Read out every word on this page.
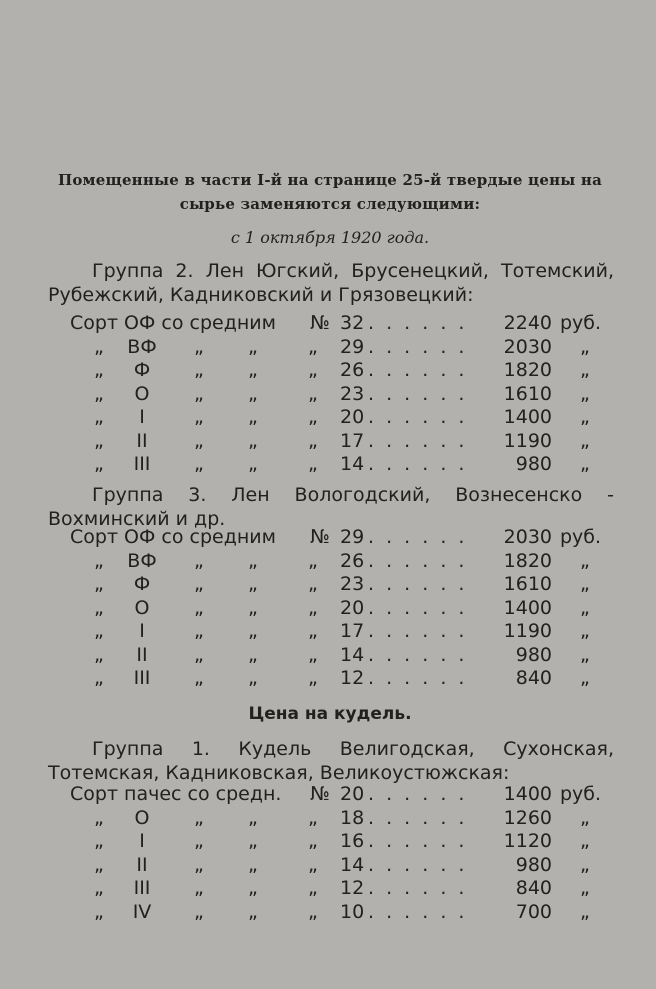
Помещенные в части I-й на странице 25-й твердые цены на
сырье заменяются следующими:
с 1 октября 1920 года.
Группа 2. Лен Югский, Брусенецкий, Тотемский, Рубежский, Кадниковский и Грязовецкий:
Сорт ОФ со средним № 32 . . . . . .	2240 руб.
„	ВФ	„ „	„ 29 . . . . . .	2030 „
„	Ф	„ „	„ 26 . . . . . .	1820 „
„	О	„ „	„ 23 . . . . . .	1610 „
„	I	„ „	„ 20 . . . . . .	1400 „
„	II	„ „	„ 17 . . . . . .	1190 „
„	III	„ „	„ 14 . . . . . .	980 „
Группа 3. Лен Вологодский, Вознесенско - Вохминский и др.
Сорт ОФ со средним № 29 . . . . . .	2030 руб.
„	ВФ	„ „	„ 26 . . . . . .	1820 „
„	Ф	„ „	„ 23 . . . . . .	1610 „
„	О	„ „	„ 20 . . . . . .	1400 „
„	I	„ „	„ 17 . . . . . .	1190 „
„	II	„ „	„ 14 . . . . . .	980 „
„	III	„ „	„ 12 . . . . . .	840 „
Цена на кудель.
Группа 1. Кудель Велигодская, Сухонская, Тотемская, Кадниковская, Великоустюжская:
Сорт пачес со средн. № 20 . . . . . .	1400 руб.
„	О	„ „	„ 18 . . . . . .	1260 „
„	I	„ „	„ 16 . . . . . .	1120 „
„	II	„ „	„ 14 . . . . . .	980 „
„	III	„ „	„ 12 . . . . . .	840 „
„	IV	„ „	„ 10 . . . . . .	700 „
